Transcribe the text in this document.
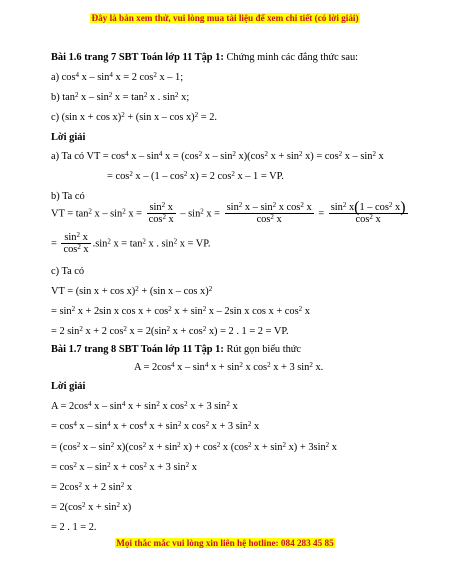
Đây là bản xem thử, vui lòng mua tài liệu để xem chi tiết (có lời giải)
Bài 1.6 trang 7 SBT Toán lớp 11 Tập 1: Chứng minh các đẳng thức sau:
a) $\cos^4 x - \sin^4 x = 2$ $\cos^2 x - 1$;
b) $\tan^2 x - \sin^2 x = \tan^2 x$ . $\sin^2 x$;
c) (sin x + cos x)$^2$ + (sin x – cos x)$^2$ = 2.
Lời giải
a) Ta có VT = $\cos^4 x - \sin^4 x = (\cos^2$ x – $\sin^2 x)(\cos^2$ $x + \sin^2 x) = \cos^2 x - \sin^2 x$
= $\cos^2 x - (1 - \cos^2 x) = 2$ $\cos^2 x - 1$ = VP.
b) Ta có
VT = $\tan^2 x - \sin^2 x = \frac{\sin^2 x}{\cos^2 x} - \sin^2 x = \frac{\sin^2 x - \sin^2 x \cos^2 x}{\cos^2 x} = \frac{\sin^2 x(1 - \cos^2 x)}{\cos^2 x}$
= $\frac{\sin^2 x}{\cos^2 x} .\sin^2$ $x = \tan^2 x$ . $\sin^2 x$ = VP.
c) Ta có
VT = (sin x + cos x)$^2$ + (sin x – cos x)$^2$
= $\sin^2 x + 2\sin$ x $\cos x + \cos^2 x + \sin^2 x - 2\sin$ x $\cos x + \cos^2 x$
= 2 $\sin^2 x + 2$ $\cos^2 x = 2(\sin^2$ $x + \cos^2 x) = 2$ . 1 = 2 = VP.
Bài 1.7 trang 8 SBT Toán lớp 11 Tập 1: Rút gọn biểu thức
$A = 2\cos^4$ $x - \sin^4 x + \sin^2 x$ $\cos^2 x + 3$ $\sin^2 x$.
Lời giải
$A = 2\cos^4$ $x - \sin^4 x + \sin^2 x$ $\cos^2 x + 3$ $\sin^2 x$
= $\cos^4 x - \sin^4 x + \cos^4 x + \sin^2 x$ $\cos^2 x + 3$ $\sin^2 x$
= ($\cos^2$ x – $\sin^2 x)(\cos^2$ $x + \sin^2 x) + \cos^2 x$ ($\cos^2$ $x + \sin^2 x) + 3\sin^2$ x
= $\cos^2 x - \sin^2 x + \cos^2 x + 3$ $\sin^2 x$
= $2\cos^2$ x + 2 $\sin^2 x$
= $2(\cos^2$ $x + \sin^2 x$)
= 2 . 1 = 2.
Mọi thắc mắc vui lòng xin liên hệ hotline: 084 283 45 85
